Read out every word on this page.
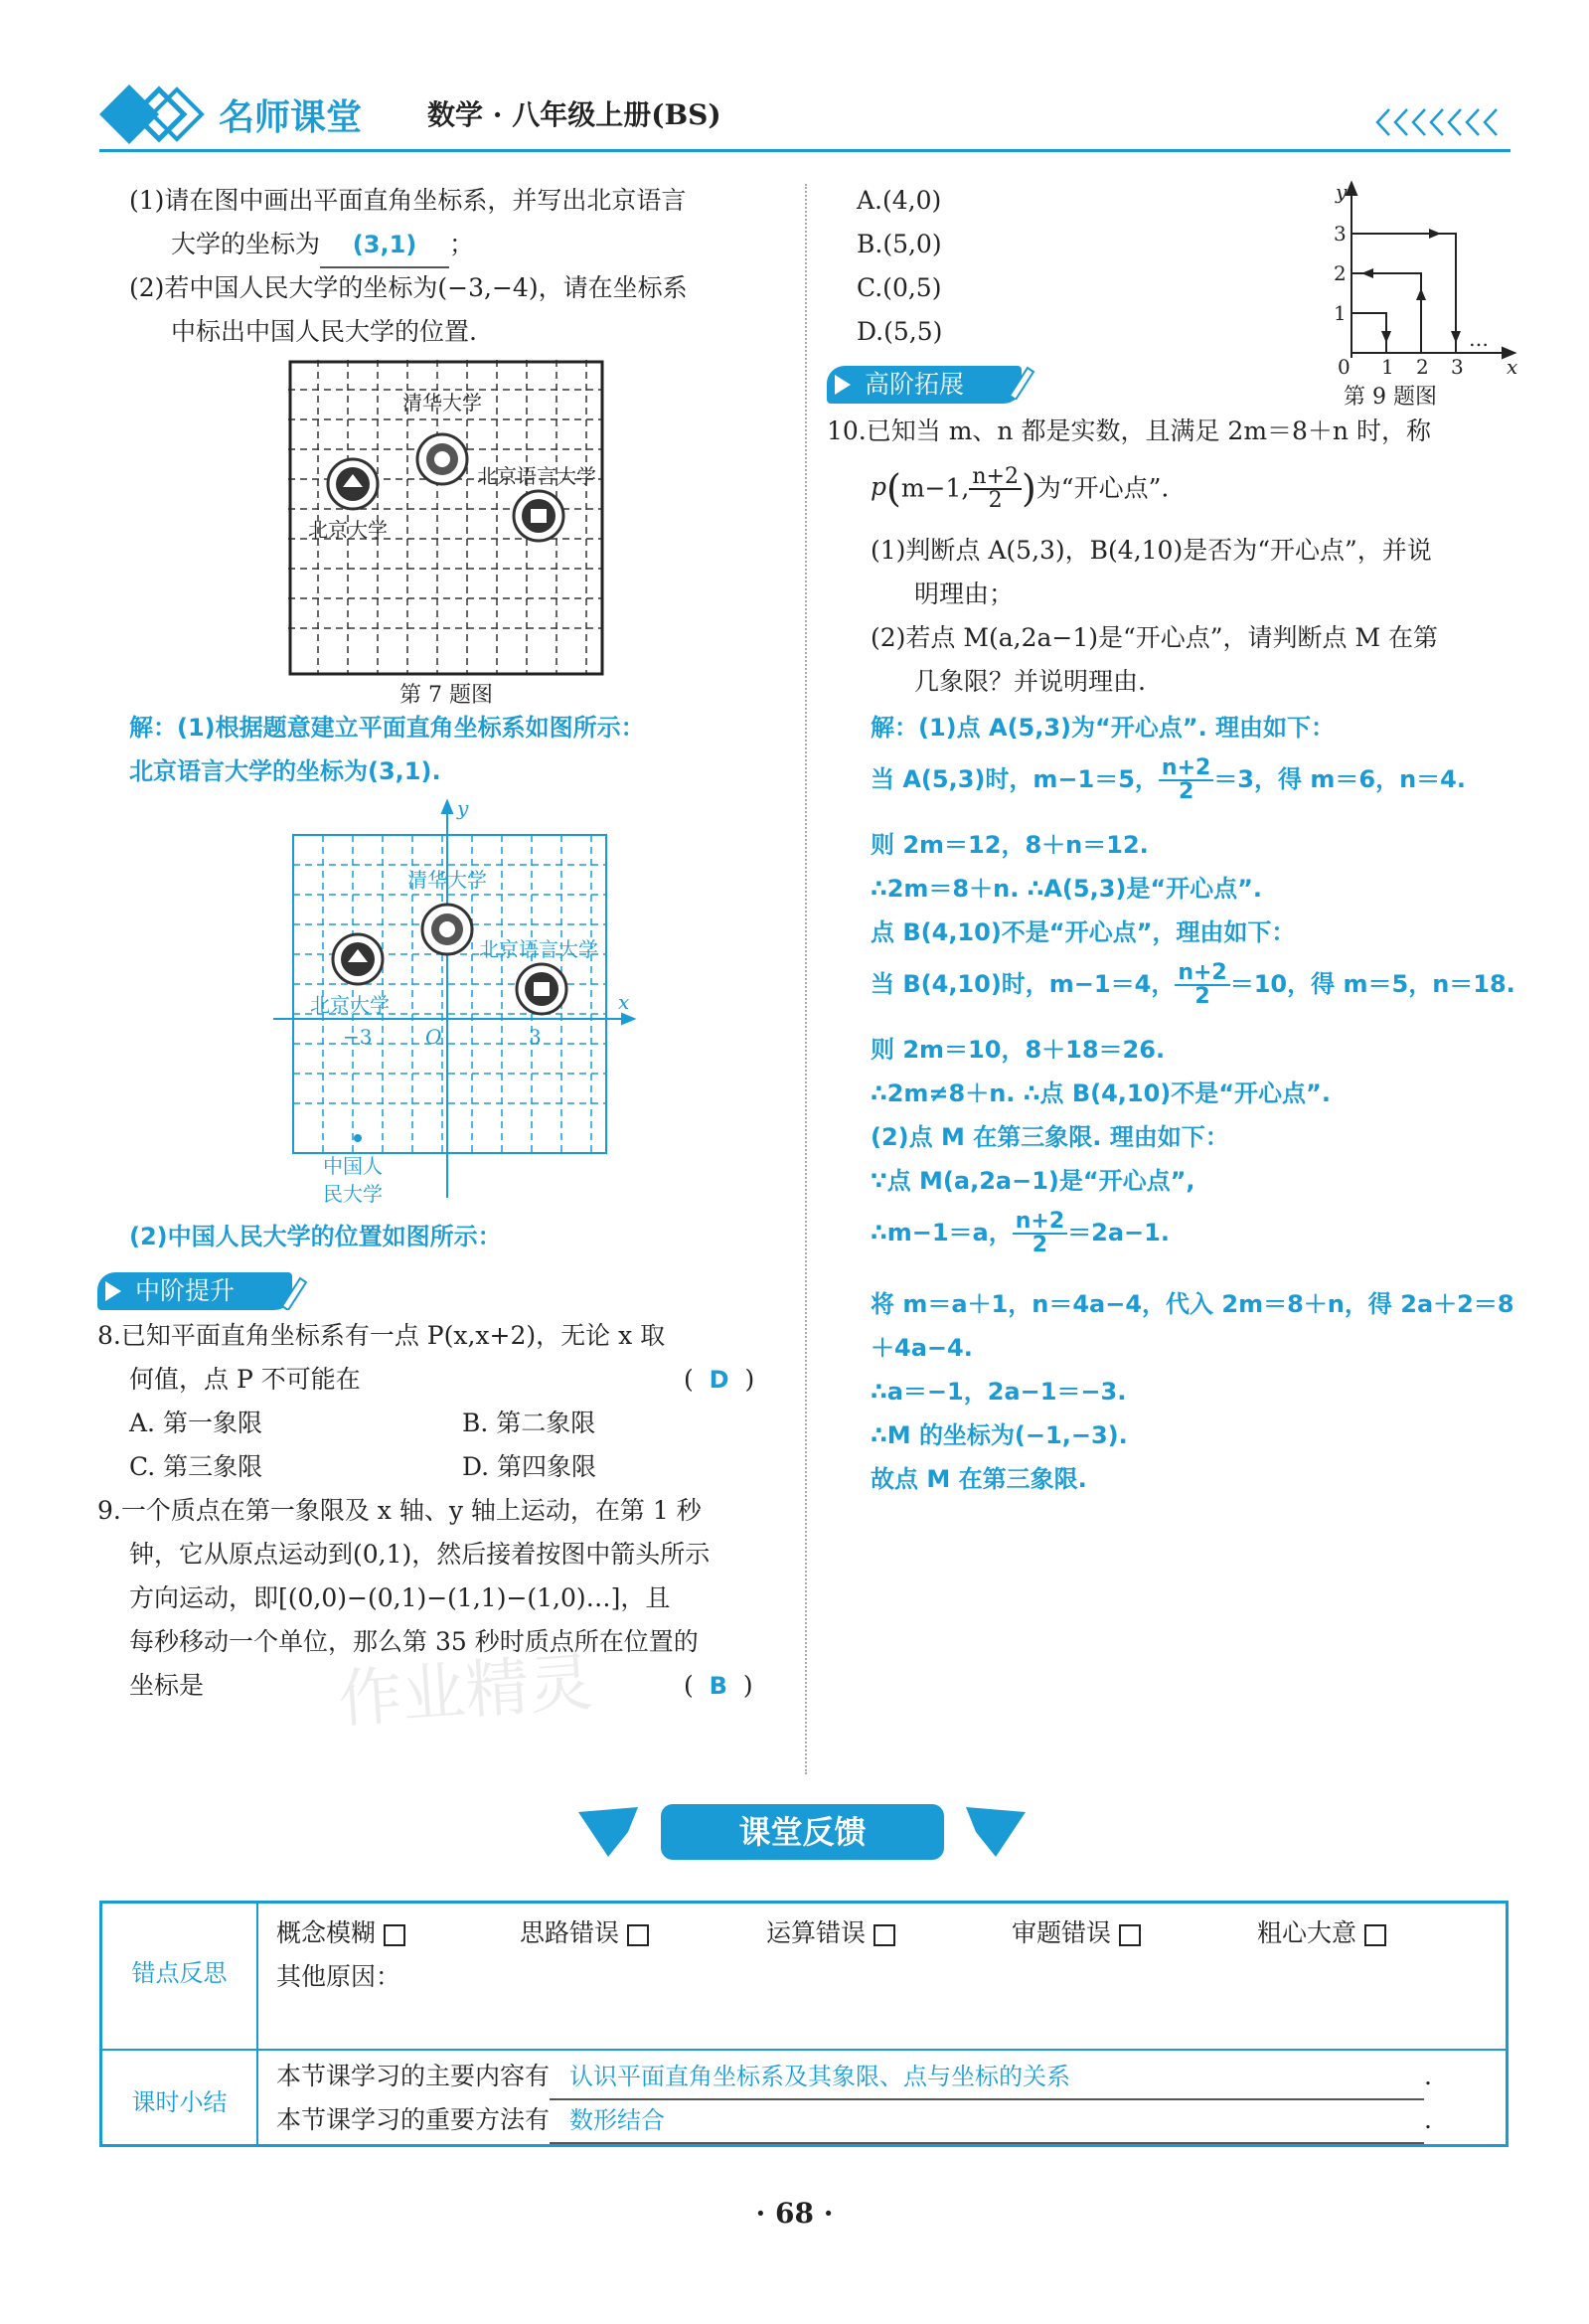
名师课堂 数学 · 八年级上册(BS)
(1)请在图中画出平面直角坐标系，并写出北京语言
大学的坐标为 (3,1) ；
(2)若中国人民大学的坐标为(−3,−4)，请在坐标系
中标出中国人民大学的位置.
清华大学
北京语言大学
北京大学
第 7 题图
解：(1)根据题意建立平面直角坐标系如图所示：
北京语言大学的坐标为(3,1).
x
y
O
−3	3
清华大学
北京语言大学
北京大学
中国人
民大学
(2)中国人民大学的位置如图所示：
中阶提升
8.已知平面直角坐标系有一点 P(x,x+2)，无论 x 取
何值，点 P 不可能在	(  D  )
A. 第一象限	B. 第二象限
C. 第三象限	D. 第四象限
9.一个质点在第一象限及 x 轴、y 轴上运动，在第 1 秒
钟，它从原点运动到(0,1)，然后接着按图中箭头所示
方向运动，即[(0,0)−(0,1)−(1,1)−(1,0)…]，且
每秒移动一个单位，那么第 35 秒时质点所在位置的
坐标是	(  B  )
A.(4,0)
B.(5,0)
C.(0,5)
D.(5,5)
y
x
0 1 2 3
1
2
3
…
第 9 题图
高阶拓展
10.已知当 m、n 都是实数，且满足 2m＝8＋n 时，称
p(m−1, $\frac{n+2}{2}$ )为“开心点”.
(1)判断点 A(5,3)，B(4,10)是否为“开心点”，并说
明理由；
(2)若点 M(a,2a−1)是“开心点”，请判断点 M 在第
几象限？并说明理由.
解：(1)点 A(5,3)为“开心点”. 理由如下：
当 A(5,3)时，m−1＝5， $\frac{n+2}{2} =3$，得 m＝6，n＝4.
则 2m＝12，8＋n＝12.
∴2m＝8＋n. ∴A(5,3)是“开心点”.
点 B(4,10)不是“开心点”，理由如下：
当 B(4,10)时，m−1＝4， $\frac{n+2}{2} =10$，得 m＝5，n＝18.
则 2m＝10，8＋18＝26.
∴2m≠8＋n. ∴点 B(4,10)不是“开心点”.
(2)点 M 在第三象限. 理由如下：
∵点 M(a,2a−1)是“开心点”,
∴m−1＝a， $\frac{n+2}{2} =2a-1$.
将 m＝a＋1，n＝4a−4，代入 2m＝8＋n，得 2a＋2＝8
＋4a−4.
∴a＝−1，2a−1＝−3.
∴M 的坐标为(−1,−3).
故点 M 在第三象限.
作业精灵
课堂反馈
错点反思
课时小结
概念模糊	思路错误	运算错误	审题错误	粗心大意
其他原因：
本节课学习的主要内容有 认识平面直角坐标系及其象限、点与坐标的关系	.
本节课学习的重要方法有 数形结合	.
· 68 ·
